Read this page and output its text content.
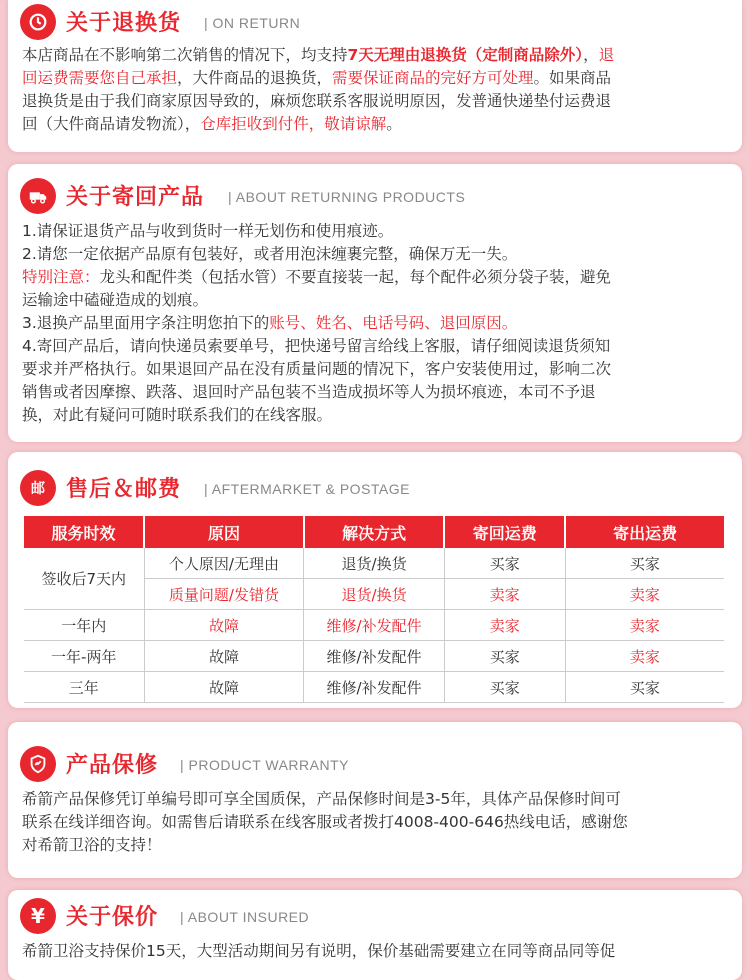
关于退换货 | ON RETURN
本店商品在不影响第二次销售的情况下，均支持7天无理由退换货（定制商品除外），退
回运费需要您自己承担，大件商品的退换货，需要保证商品的完好方可处理。如果商品
退换货是由于我们商家原因导致的，麻烦您联系客服说明原因，发普通快递垫付运费退
回（大件商品请发物流），仓库拒收到付件，敬请谅解。
关于寄回产品 | ABOUT RETURNING PRODUCTS
1.请保证退货产品与收到货时一样无划伤和使用痕迹。
2.请您一定依据产品原有包装好，或者用泡沫缠裹完整，确保万无一失。
特别注意：龙头和配件类（包括水管）不要直接装一起，每个配件必须分袋子装，避免
运输途中磕碰造成的划痕。
3.退换产品里面用字条注明您拍下的账号、姓名、电话号码、退回原因。
4.寄回产品后，请向快递员索要单号，把快递号留言给线上客服，请仔细阅读退货须知
要求并严格执行。如果退回产品在没有质量问题的情况下，客户安装使用过，影响二次
销售或者因摩擦、跌落、退回时产品包装不当造成损坏等人为损坏痕迹，本司不予退
换，对此有疑问可随时联系我们的在线客服。
邮 售后＆邮费 | AFTERMARKET & POSTAGE
服务时效	原因	解决方式	寄回运费	寄出运费
签收后7天内	个人原因/无理由	退货/换货	买家	买家
	质量问题/发错货	退货/换货	卖家	卖家
一年内	故障	维修/补发配件	卖家	卖家
一年-两年	故障	维修/补发配件	买家	卖家
三年	故障	维修/补发配件	买家	买家
产品保修 | PRODUCT WARRANTY
希箭产品保修凭订单编号即可享全国质保，产品保修时间是3-5年，具体产品保修时间可
联系在线详细咨询。如需售后请联系在线客服或者拨打4008-400-646热线电话，感谢您
对希箭卫浴的支持！
¥ 关于保价 | ABOUT INSURED
希箭卫浴支持保价15天，大型活动期间另有说明，保价基础需要建立在同等商品同等促
